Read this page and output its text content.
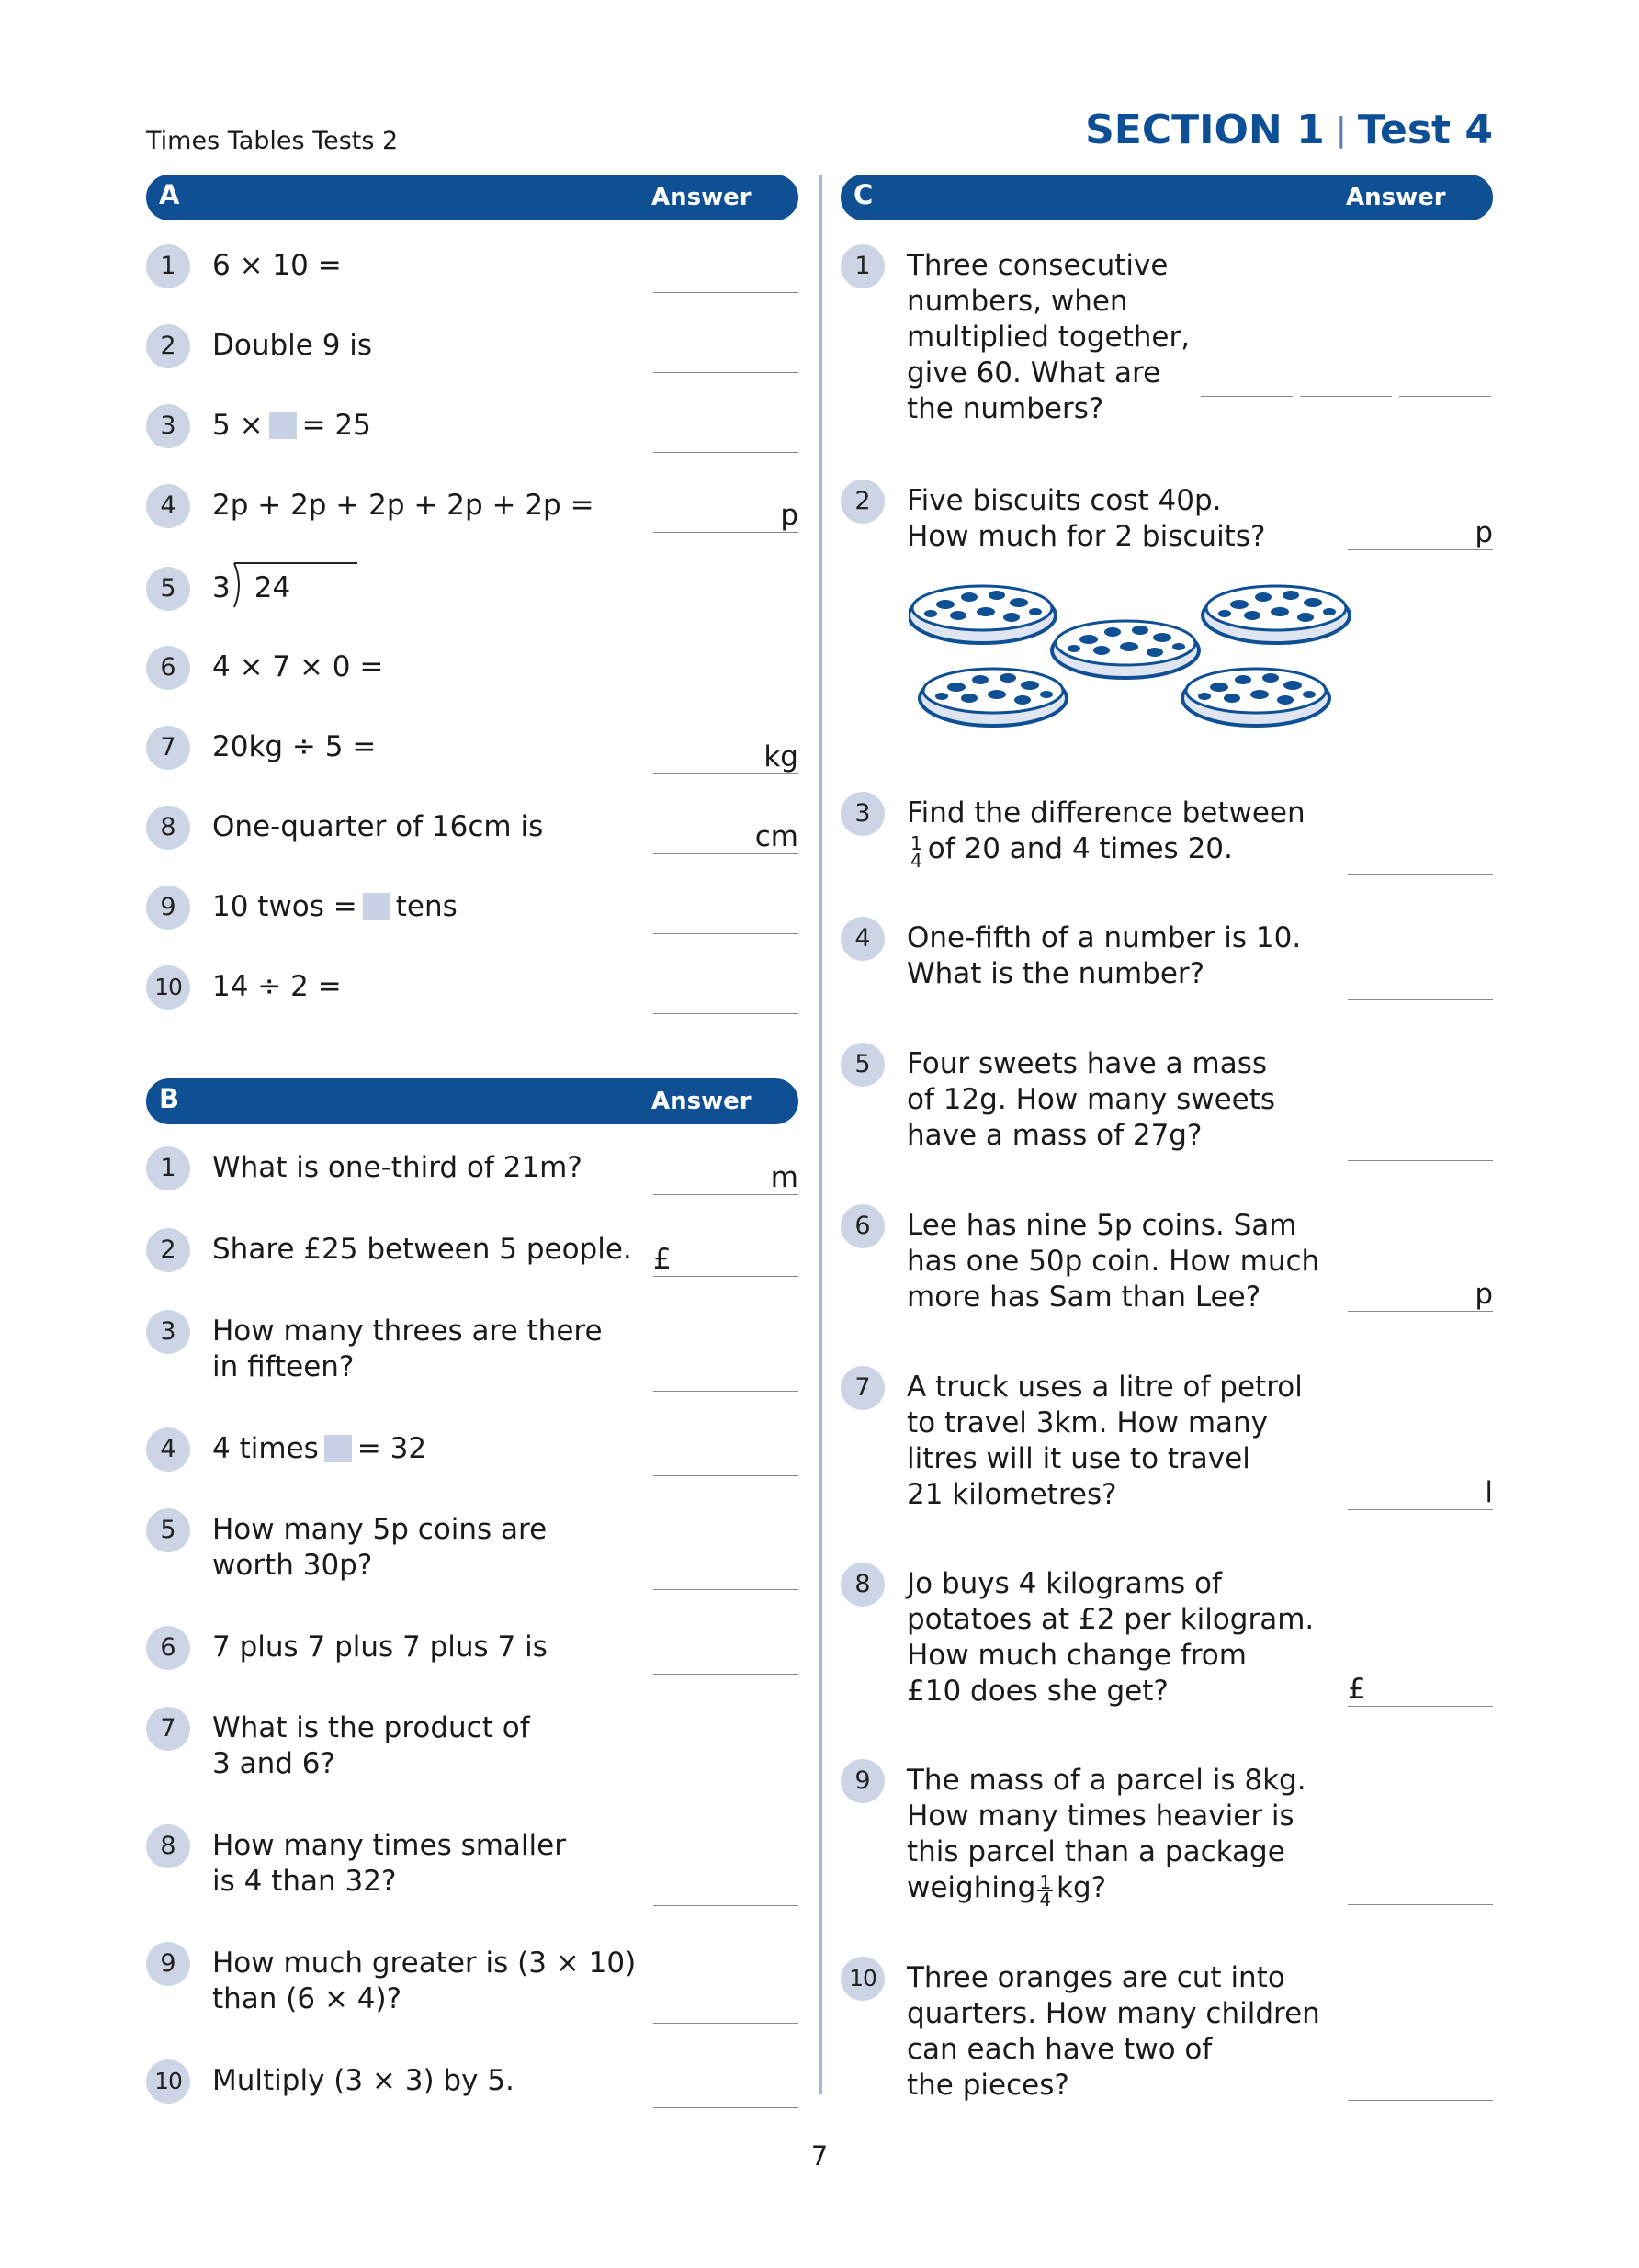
Times Tables Tests 2	SECTION 1 | Test 4
A	Answer
1	6 × 10 =
2	Double 9 is
3	5 × = 25
4	2p + 2p + 2p + 2p + 2p =	p
5	3 24
6	4 × 7 × 0 =
7	20kg ÷ 5 =	kg
8	One-quarter of 16cm is	cm
9	10 twos = tens
10 14 ÷ 2 =
B	Answer
1	What is one-third of 21m?	m
2	Share £25 between 5 people. £
3	How many threes are there
in fifteen?
4	4 times = 32
5	How many 5p coins are
worth 30p?
6	7 plus 7 plus 7 plus 7 is
7	What is the product of
3 and 6?
8	How many times smaller
is 4 than 32?
9	How much greater is (3 × 10)
than (6 × 4)?
10 Multiply (3 × 3) by 5.
C	Answer
1	Three consecutive
numbers, when
multiplied together,
give 60. What are
the numbers?
2	Five biscuits cost 40p.
How much for 2 biscuits?	p
3	Find the difference between
$\frac{1}{4}$ of 20 and 4 times 20.
4	One-fifth of a number is 10.
What is the number?
5	Four sweets have a mass
of 12g. How many sweets
have a mass of 27g?
6	Lee has nine 5p coins. Sam
has one 50p coin. How much
more has Sam than Lee?	p
7	A truck uses a litre of petrol
to travel 3km. How many
litres will it use to travel
21 kilometres?	l
8	Jo buys 4 kilograms of
potatoes at £2 per kilogram.
How much change from
£10 does she get?	£
9	The mass of a parcel is 8kg.
How many times heavier is
this parcel than a package
weighing $\frac{1}{4}$ kg?
10 Three oranges are cut into
quarters. How many children
can each have two of
the pieces?
7
